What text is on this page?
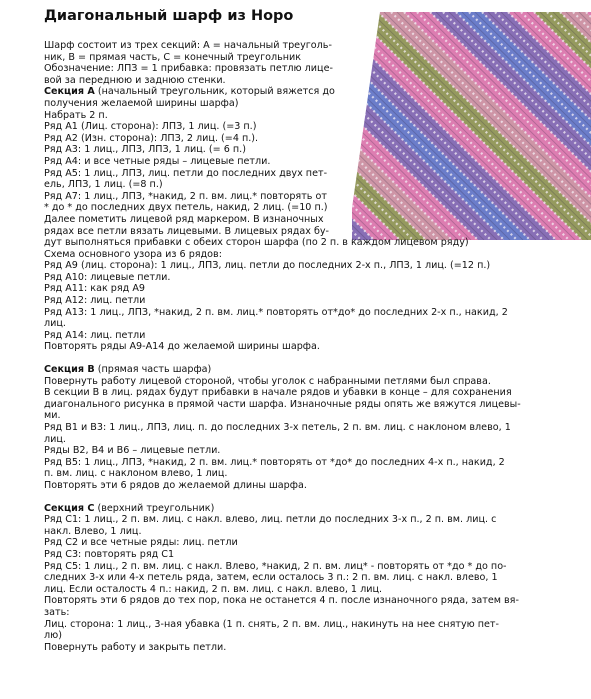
Диагональный шарф из Норо
Шарф состоит из трех секций: А = начальный треуголь-
ник, В = прямая часть, С = конечный треугольник
Обозначение: ЛПЗ = 1 прибавка: провязать петлю лице-
вой за переднюю и заднюю стенки.
Секция А (начальный треугольник, который вяжется до
получения желаемой ширины шарфа)
Набрать 2 п.
Ряд А1 (Лиц. сторона): ЛПЗ, 1 лиц. (=3 п.)
Ряд А2 (Изн. сторона): ЛПЗ, 2 лиц. (=4 п.).
Ряд А3: 1 лиц., ЛПЗ, ЛПЗ, 1 лиц. (= 6 п.)
Ряд А4: и все четные ряды – лицевые петли.
Ряд А5: 1 лиц., ЛПЗ, лиц. петли до последних двух пет-
ель, ЛПЗ, 1 лиц. (=8 п.)
Ряд А7: 1 лиц., ЛПЗ, *накид, 2 п. вм. лиц.* повторять от
* до * до последних двух петель, накид, 2 лиц. (=10 п.)
Далее пометить лицевой ряд маркером. В изнаночных
рядах все петли вязать лицевыми. В лицевых рядах бу-
дут выполняться прибавки с обеих сторон шарфа (по 2 п. в каждом лицевом ряду)
Схема основного узора из 6 рядов:
Ряд А9 (лиц. сторона): 1 лиц., ЛПЗ, лиц. петли до последних 2-х п., ЛПЗ, 1 лиц. (=12 п.)
Ряд А10: лицевые петли.
Ряд А11: как ряд А9
Ряд А12: лиц. петли
Ряд А13: 1 лиц., ЛПЗ, *накид, 2 п. вм. лиц.* повторять от*до* до последних 2-х п., накид, 2
лиц.
Ряд А14: лиц. петли
Повторять ряды А9-А14 до желаемой ширины шарфа.
Секция В (прямая часть шарфа)
Повернуть работу лицевой стороной, чтобы уголок с набранными петлями был справа.
В секции В в лиц. рядах будут прибавки в начале рядов и убавки в конце – для сохранения
диагонального рисунка в прямой части шарфа. Изнаночные ряды опять же вяжутся лицевы-
ми.
Ряд В1 и В3: 1 лиц., ЛПЗ, лиц. п. до последних 3-х петель, 2 п. вм. лиц. с наклоном влево, 1
лиц.
Ряды В2, В4 и В6 – лицевые петли.
Ряд В5: 1 лиц., ЛПЗ, *накид, 2 п. вм. лиц.* повторять от *до* до последних 4-х п., накид, 2
п. вм. лиц. с наклоном влево, 1 лиц.
Повторять эти 6 рядов до желаемой длины шарфа.
Секция С (верхний треугольник)
Ряд С1: 1 лиц., 2 п. вм. лиц. с накл. влево, лиц. петли до последних 3-х п., 2 п. вм. лиц. с
накл. Влево, 1 лиц.
Ряд С2 и все четные ряды: лиц. петли
Ряд С3: повторять ряд С1
Ряд С5: 1 лиц., 2 п. вм. лиц. с накл. Влево, *накид, 2 п. вм. лиц* - повторять от *до * до по-
следних 3-х или 4-х петель ряда, затем, если осталось 3 п.: 2 п. вм. лиц. с накл. влево, 1
лиц. Если осталость 4 п.: накид, 2 п. вм. лиц. с накл. влево, 1 лиц.
Повторять эти 6 рядов до тех пор, пока не останется 4 п. после изнаночного ряда, затем вя-
зать:
Лиц. сторона: 1 лиц., 3-ная убавка (1 п. снять, 2 п. вм. лиц., накинуть на нее снятую пет-
лю)
Повернуть работу и закрыть петли.
